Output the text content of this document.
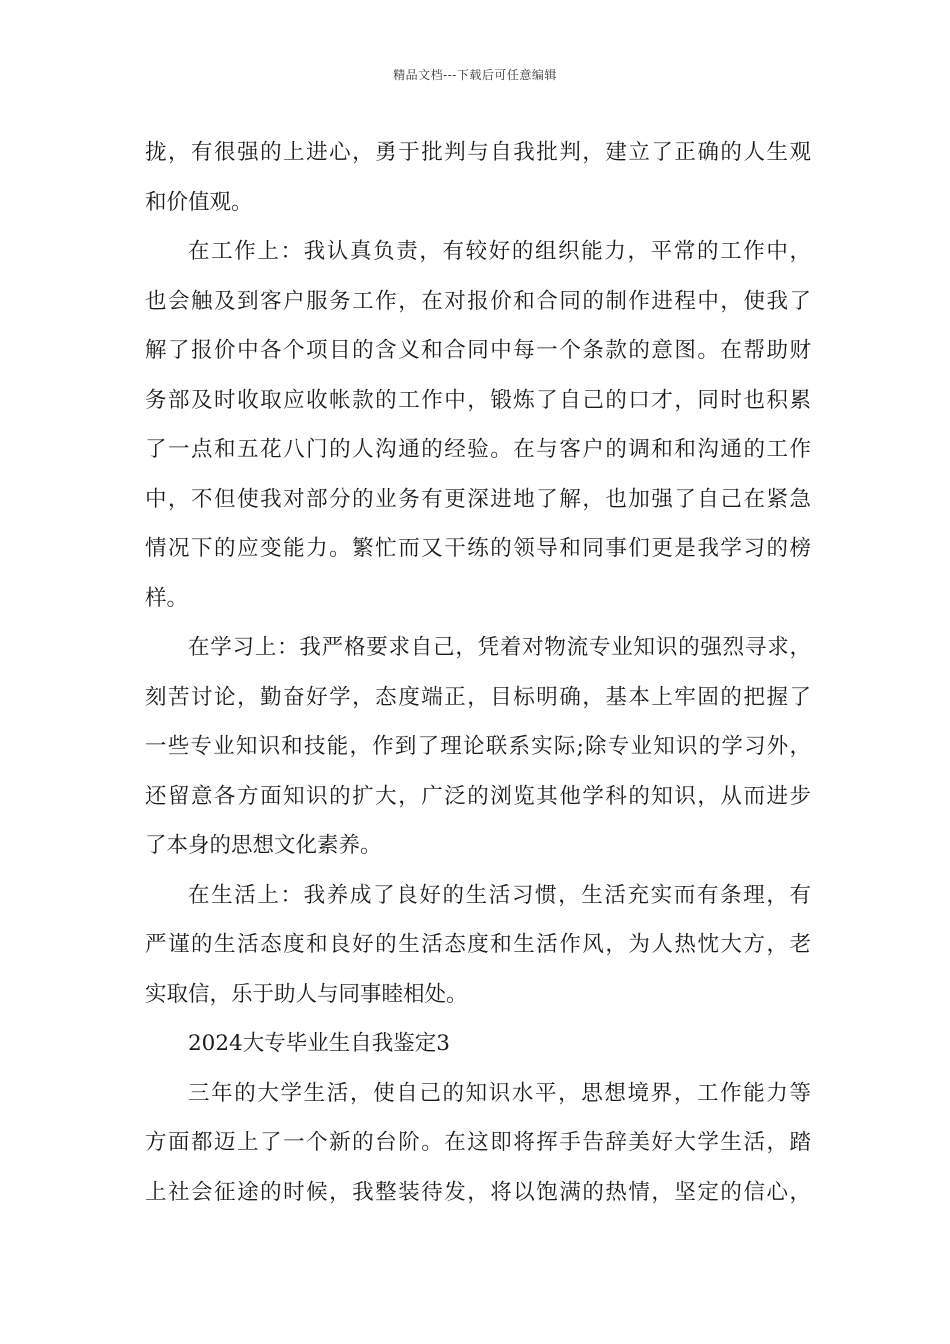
精品文档---下载后可任意编辑
拢，有很强的上进心，勇于批判与自我批判，建立了正确的人生观
和价值观。
在工作上：我认真负责，有较好的组织能力，平常的工作中，
也会触及到客户服务工作，在对报价和合同的制作进程中，使我了
解了报价中各个项目的含义和合同中每一个条款的意图。在帮助财
务部及时收取应收帐款的工作中，锻炼了自己的口才，同时也积累
了一点和五花八门的人沟通的经验。在与客户的调和和沟通的工作
中，不但使我对部分的业务有更深进地了解，也加强了自己在紧急
情况下的应变能力。繁忙而又干练的领导和同事们更是我学习的榜
样。
在学习上：我严格要求自己，凭着对物流专业知识的强烈寻求，
刻苦讨论，勤奋好学，态度端正，目标明确，基本上牢固的把握了
一些专业知识和技能，作到了理论联系实际;除专业知识的学习外，
还留意各方面知识的扩大，广泛的浏览其他学科的知识，从而进步
了本身的思想文化素养。
在生活上：我养成了良好的生活习惯，生活充实而有条理，有
严谨的生活态度和良好的生活态度和生活作风，为人热忱大方，老
实取信，乐于助人与同事睦相处。
2024大专毕业生自我鉴定3
三年的大学生活，使自己的知识水平，思想境界，工作能力等
方面都迈上了一个新的台阶。在这即将挥手告辞美好大学生活，踏
上社会征途的时候，我整装待发，将以饱满的热情，坚定的信心，
